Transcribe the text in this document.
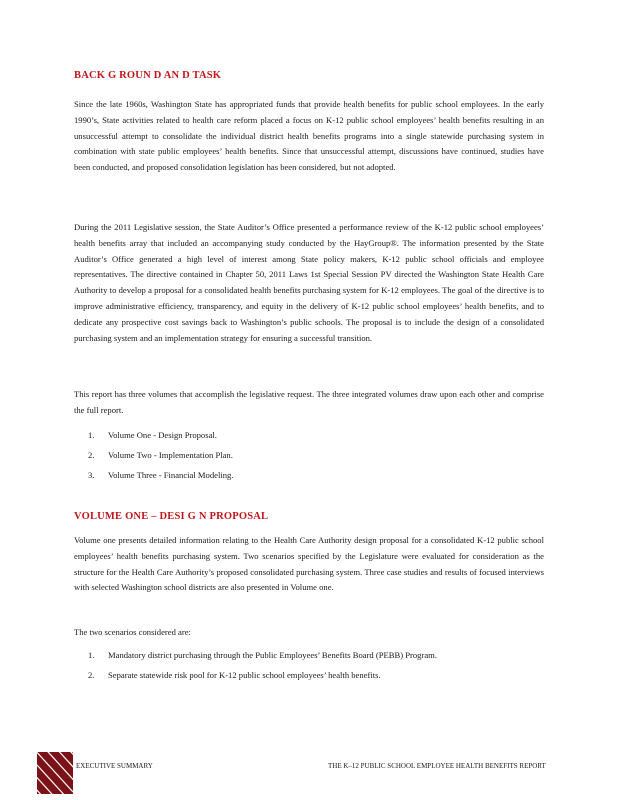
BACK G ROUN D AN D TASK

Since the late 1960s, Washington State has appropriated funds that provide health benefits for public school employees. In the early 1990’s, State activities related to health care reform placed a focus on K-12 public school employees’ health benefits resulting in an unsuccessful attempt to consolidate the individual district health benefits programs into a single statewide purchasing system in combination with state public employees’ health benefits. Since that unsuccessful attempt, discussions have continued, studies have been conducted, and proposed consolidation legislation has been considered, but not adopted.

During the 2011 Legislative session, the State Auditor’s Office presented a performance review of the K-12 public school employees’ health benefits array that included an accompanying study conducted by the HayGroup®. The information presented by the State Auditor’s Office generated a high level of interest among State policy makers, K-12 public school officials and employee representatives. The directive contained in Chapter 50, 2011 Laws 1st Special Session PV directed the Washington State Health Care Authority to develop a proposal for a consolidated health benefits purchasing system for K-12 employees. The goal of the directive is to improve administrative efficiency, transparency, and equity in the delivery of K-12 public school employees’ health benefits, and to dedicate any prospective cost savings back to Washington’s public schools. The proposal is to include the design of a consolidated purchasing system and an implementation strategy for ensuring a successful transition.

This report has three volumes that accomplish the legislative request. The three integrated volumes draw upon each other and comprise the full report.

1.	Volume One - Design Proposal.
2.	Volume Two - Implementation Plan.
3.	Volume Three - Financial Modeling.
VOLUME ONE – DESI G N PROPOSAL

Volume one presents detailed information relating to the Health Care Authority design proposal for a consolidated K-12 public school employees’ health benefits purchasing system. Two scenarios specified by the Legislature were evaluated for consideration as the structure for the Health Care Authority’s proposed consolidated purchasing system. Three case studies and results of focused interviews with selected Washington school districts are also presented in Volume one.

The two scenarios considered are:

1.	Mandatory district purchasing through the Public Employees’ Benefits Board (PEBB) Program.
2.	Separate statewide risk pool for K-12 public school employees’ health benefits.

EXECUTIVE SUMMARY	THE K–12 PUBLIC SCHOOL EMPLOYEE HEALTH BENEFITS REPORT
